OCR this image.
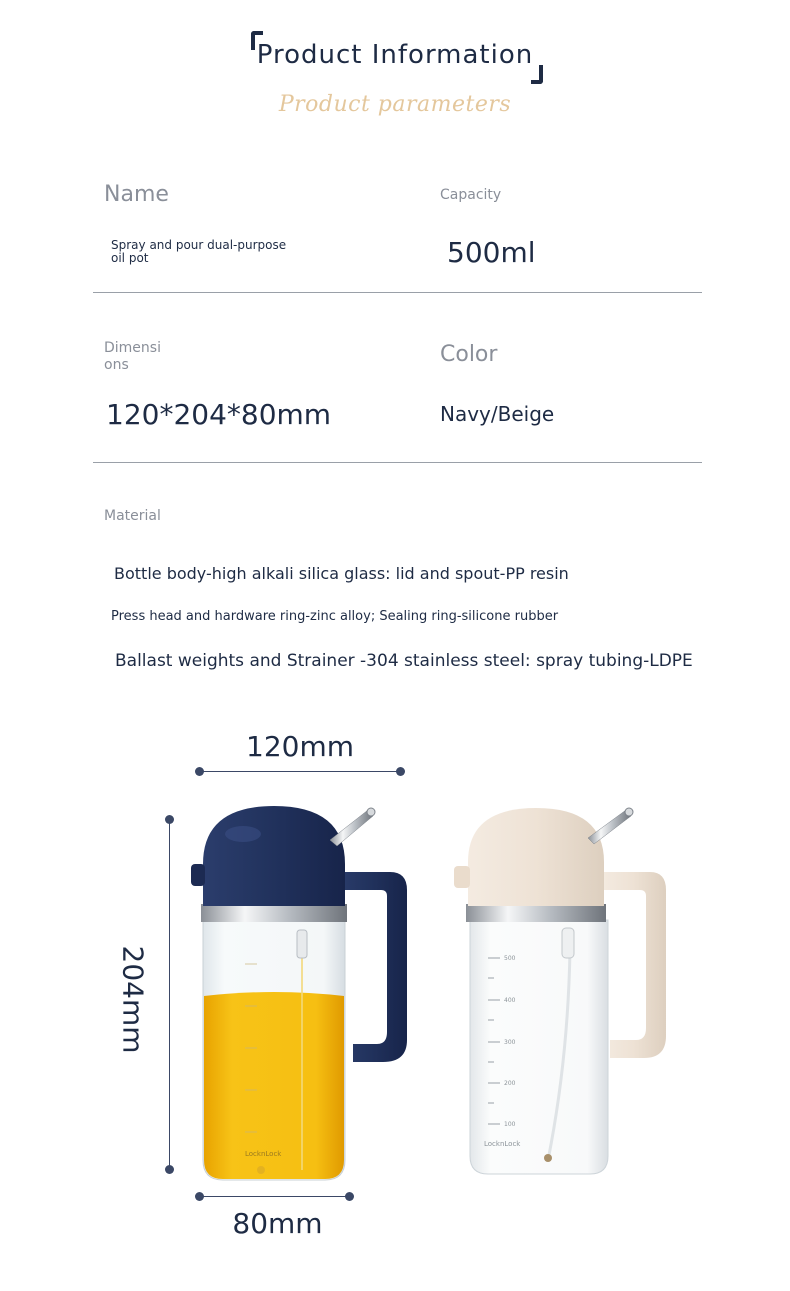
Product Information
Product parameters
Name
Spray and pour dual-purpose
oil pot
Capacity
500ml
Dimensi
ons
120*204*80mm
Color
Navy/Beige
Material
Bottle body-high alkali silica glass: lid and spout-PP resin
Press head and hardware ring-zinc alloy; Sealing ring-silicone rubber
Ballast weights and Strainer -304 stainless steel: spray tubing-LDPE
120mm
204mm
80mm
LocknLock
500
400
300
200
100
LocknLock
